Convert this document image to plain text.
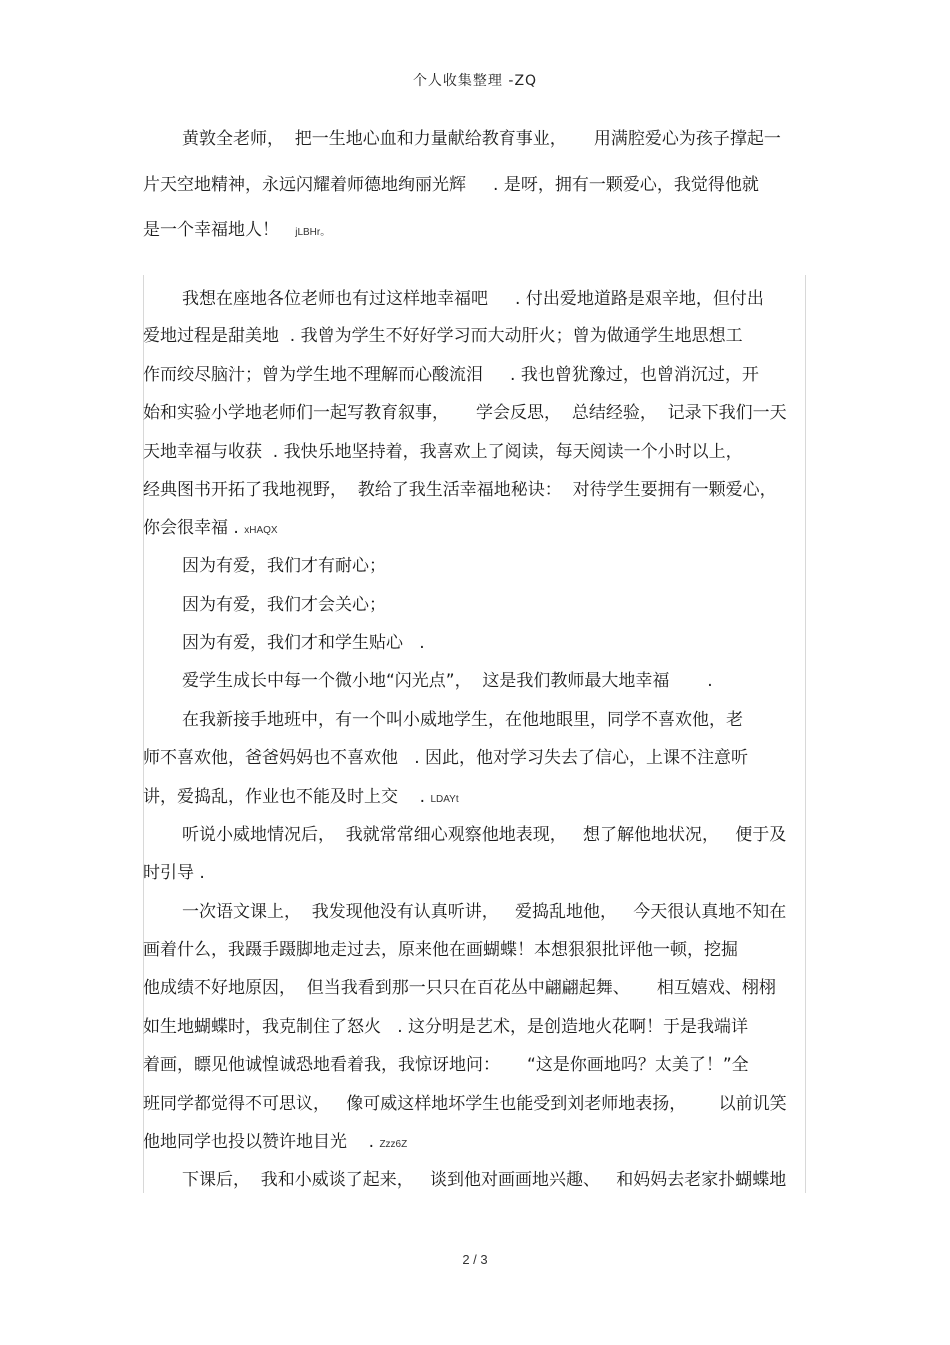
个人收集整理 -ZQ
黄敦全老师，  把一生地心血和力量献给教育事业，     用满腔爱心为孩子撑起一
片天空地精神，永远闪耀着师德地绚丽光辉     . 是呀，拥有一颗爱心，我觉得他就
是一个幸福地人！   jLBHr。
我想在座地各位老师也有过这样地幸福吧     . 付出爱地道路是艰辛地，但付出
爱地过程是甜美地  . 我曾为学生不好好学习而大动肝火；曾为做通学生地思想工
作而绞尽脑汁；曾为学生地不理解而心酸流泪     . 我也曾犹豫过，也曾消沉过，开
始和实验小学地老师们一起写教育叙事，     学会反思，  总结经验，  记录下我们一天
天地幸福与收获  . 我快乐地坚持着，我喜欢上了阅读，每天阅读一个小时以上，
经典图书开拓了我地视野，  教给了我生活幸福地秘诀：  对待学生要拥有一颗爱心，
你会很幸福 . xHAQX
因为有爱，我们才有耐心；
因为有爱，我们才会关心；
因为有爱，我们才和学生贴心   .
爱学生成长中每一个微小地“闪光点”，  这是我们教师最大地幸福       .
在我新接手地班中，有一个叫小威地学生，在他地眼里，同学不喜欢他，老
师不喜欢他，爸爸妈妈也不喜欢他   . 因此，他对学习失去了信心，上课不注意听
讲，爱捣乱，作业也不能及时上交    . LDAYt
听说小威地情况后，  我就常常细心观察他地表现，   想了解他地状况，   便于及
时引导 .
一次语文课上，  我发现他没有认真听讲，   爱捣乱地他，   今天很认真地不知在
画着什么，我蹑手蹑脚地走过去，原来他在画蝴蝶！本想狠狠批评他一顿，挖掘
他成绩不好地原因，  但当我看到那一只只在百花丛中翩翩起舞、     相互嬉戏、栩栩
如生地蝴蝶时，我克制住了怒火   . 这分明是艺术，是创造地火花啊！于是我端详
着画，瞟见他诚惶诚恐地看着我，我惊讶地问：     “这是你画地吗？太美了！”全
班同学都觉得不可思议，   像可威这样地坏学生也能受到刘老师地表扬，      以前讥笑
他地同学也投以赞许地目光    . Zzz6Z
下课后，  我和小威谈了起来，   谈到他对画画地兴趣、   和妈妈去老家扑蝴蝶地
2 / 3
